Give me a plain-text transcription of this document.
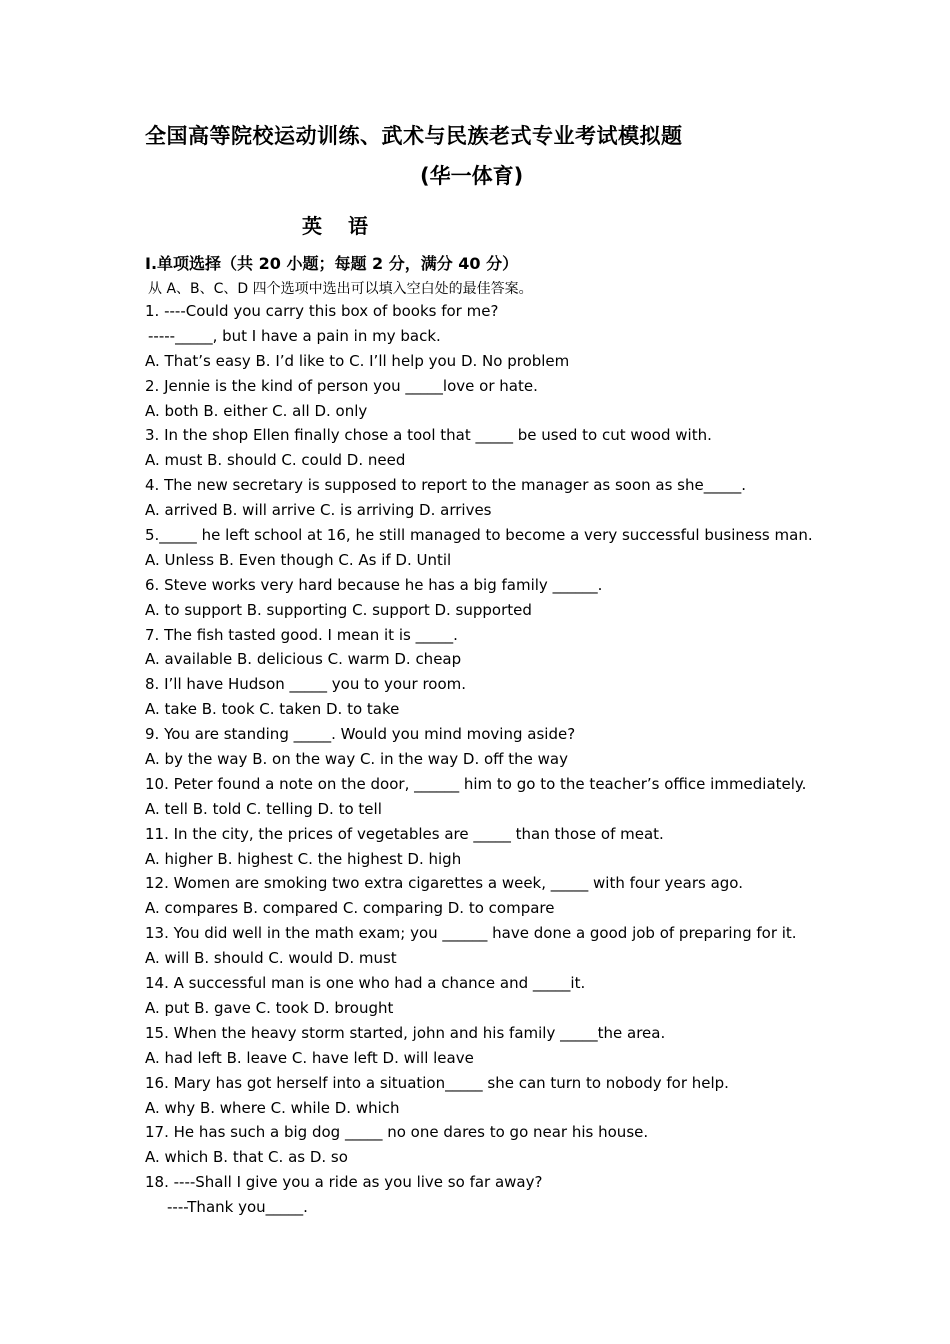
全国高等院校运动训练、武术与民族老式专业考试模拟题
(华一体育)
英语
I.单项选择（共 20 小题；每题 2 分，满分 40 分）
从 A、B、C、D 四个选项中选出可以填入空白处的最佳答案。
1. ----Could you carry this box of books for me?
-----_____, but I have a pain in my back.
A. That’s easy B. I’d like to C. I’ll help you D. No problem
2. Jennie is the kind of person you _____love or hate.
A. both B. either C. all D. only
3. In the shop Ellen finally chose a tool that _____ be used to cut wood with.
A. must B. should C. could D. need
4. The new secretary is supposed to report to the manager as soon as she_____.
A. arrived B. will arrive C. is arriving D. arrives
5._____ he left school at 16, he still managed to become a very successful business man.
A. Unless B. Even though C. As if D. Until
6. Steve works very hard because he has a big family ______.
A. to support B. supporting C. support D. supported
7. The fish tasted good. I mean it is _____.
A. available B. delicious C. warm D. cheap
8. I’ll have Hudson _____ you to your room.
A. take B. took C. taken D. to take
9. You are standing _____. Would you mind moving aside?
A. by the way B. on the way C. in the way D. off the way
10. Peter found a note on the door, ______ him to go to the teacher’s office immediately.
A. tell B. told C. telling D. to tell
11. In the city, the prices of vegetables are _____ than those of meat.
A. higher B. highest C. the highest D. high
12. Women are smoking two extra cigarettes a week, _____ with four years ago.
A. compares B. compared C. comparing D. to compare
13. You did well in the math exam; you ______ have done a good job of preparing for it.
A. will B. should C. would D. must
14. A successful man is one who had a chance and _____it.
A. put B. gave C. took D. brought
15. When the heavy storm started, john and his family _____the area.
A. had left B. leave C. have left D. will leave
16. Mary has got herself into a situation_____ she can turn to nobody for help.
A. why B. where C. while D. which
17. He has such a big dog _____ no one dares to go near his house.
A. which B. that C. as D. so
18. ----Shall I give you a ride as you live so far away?
----Thank you_____.
